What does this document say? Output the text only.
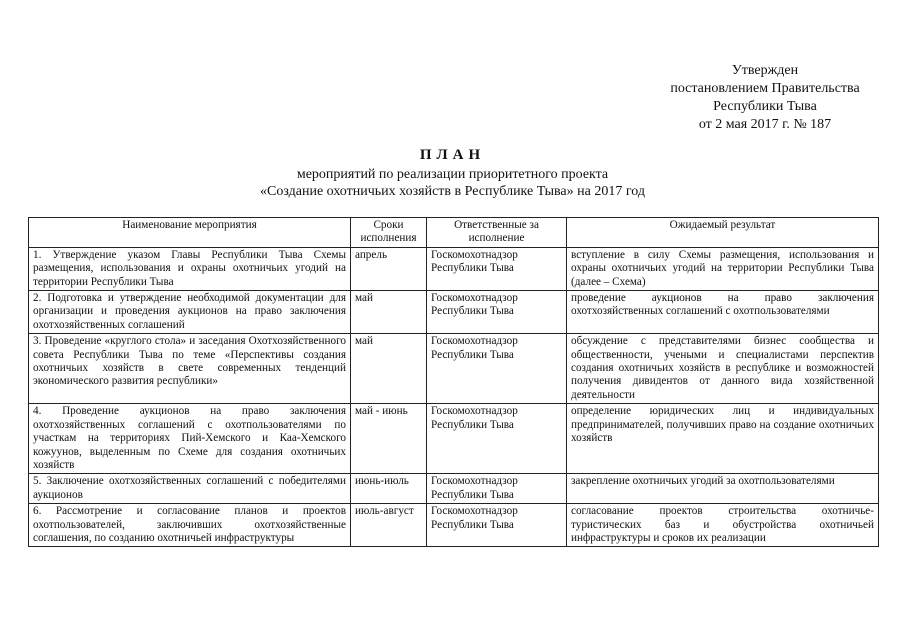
Утвержден
постановлением Правительства
Республики Тыва
от 2 мая 2017 г. № 187
ПЛАН
мероприятий по реализации приоритетного проекта
«Создание охотничьих хозяйств в Республике Тыва» на 2017 год
Наименование мероприятия	Сроки исполнения	Ответственные за исполнение	Ожидаемый результат
1. Утверждение указом Главы Республики Тыва Схемы размещения, использования и охраны охотничьих угодий на территории Республики Тыва	апрель	Госкомохотнадзор Республики Тыва	вступление в силу Схемы размещения, использования и охраны охотничьих угодий на территории Республики Тыва (далее – Схема)
2. Подготовка и утверждение необходимой документации для организации и проведения аукционов на право заключения охотхозяйственных соглашений	май	Госкомохотнадзор Республики Тыва	проведение аукционов на право заключения охотхозяйственных соглашений с охотпользователями
3. Проведение «круглого стола» и заседания Охотхозяйственного совета Республики Тыва по теме «Перспективы создания охотничьих хозяйств в свете современных тенденций экономического развития республики»	май	Госкомохотнадзор Республики Тыва	обсуждение с представителями бизнес сообщества и общественности, учеными и специалистами перспектив создания охотничьих хозяйств в республике и возможностей получения дивидентов от данного вида хозяйственной деятельности
4. Проведение аукционов на право заключения охотхозяйственных соглашений с охотпользователями по участкам на территориях Пий-Хемского и Каа-Хемского кожуунов, выделенным по Схеме для создания охотничьих хозяйств	май - июнь	Госкомохотнадзор Республики Тыва	определение юридических лиц и индивидуальных предпринимателей, получивших право на создание охотничьих хозяйств
5. Заключение охотхозяйственных соглашений с победителями аукционов	июнь-июль	Госкомохотнадзор Республики Тыва	закрепление охотничьих угодий за охотпользователями
6. Рассмотрение и согласование планов и проектов охотпользователей, заключивших охотхозяйственные соглашения, по созданию охотничьей инфраструктуры	июль-август	Госкомохотнадзор Республики Тыва	согласование проектов строительства охотничье-туристических баз и обустройства охотничьей инфраструктуры и сроков их реализации
